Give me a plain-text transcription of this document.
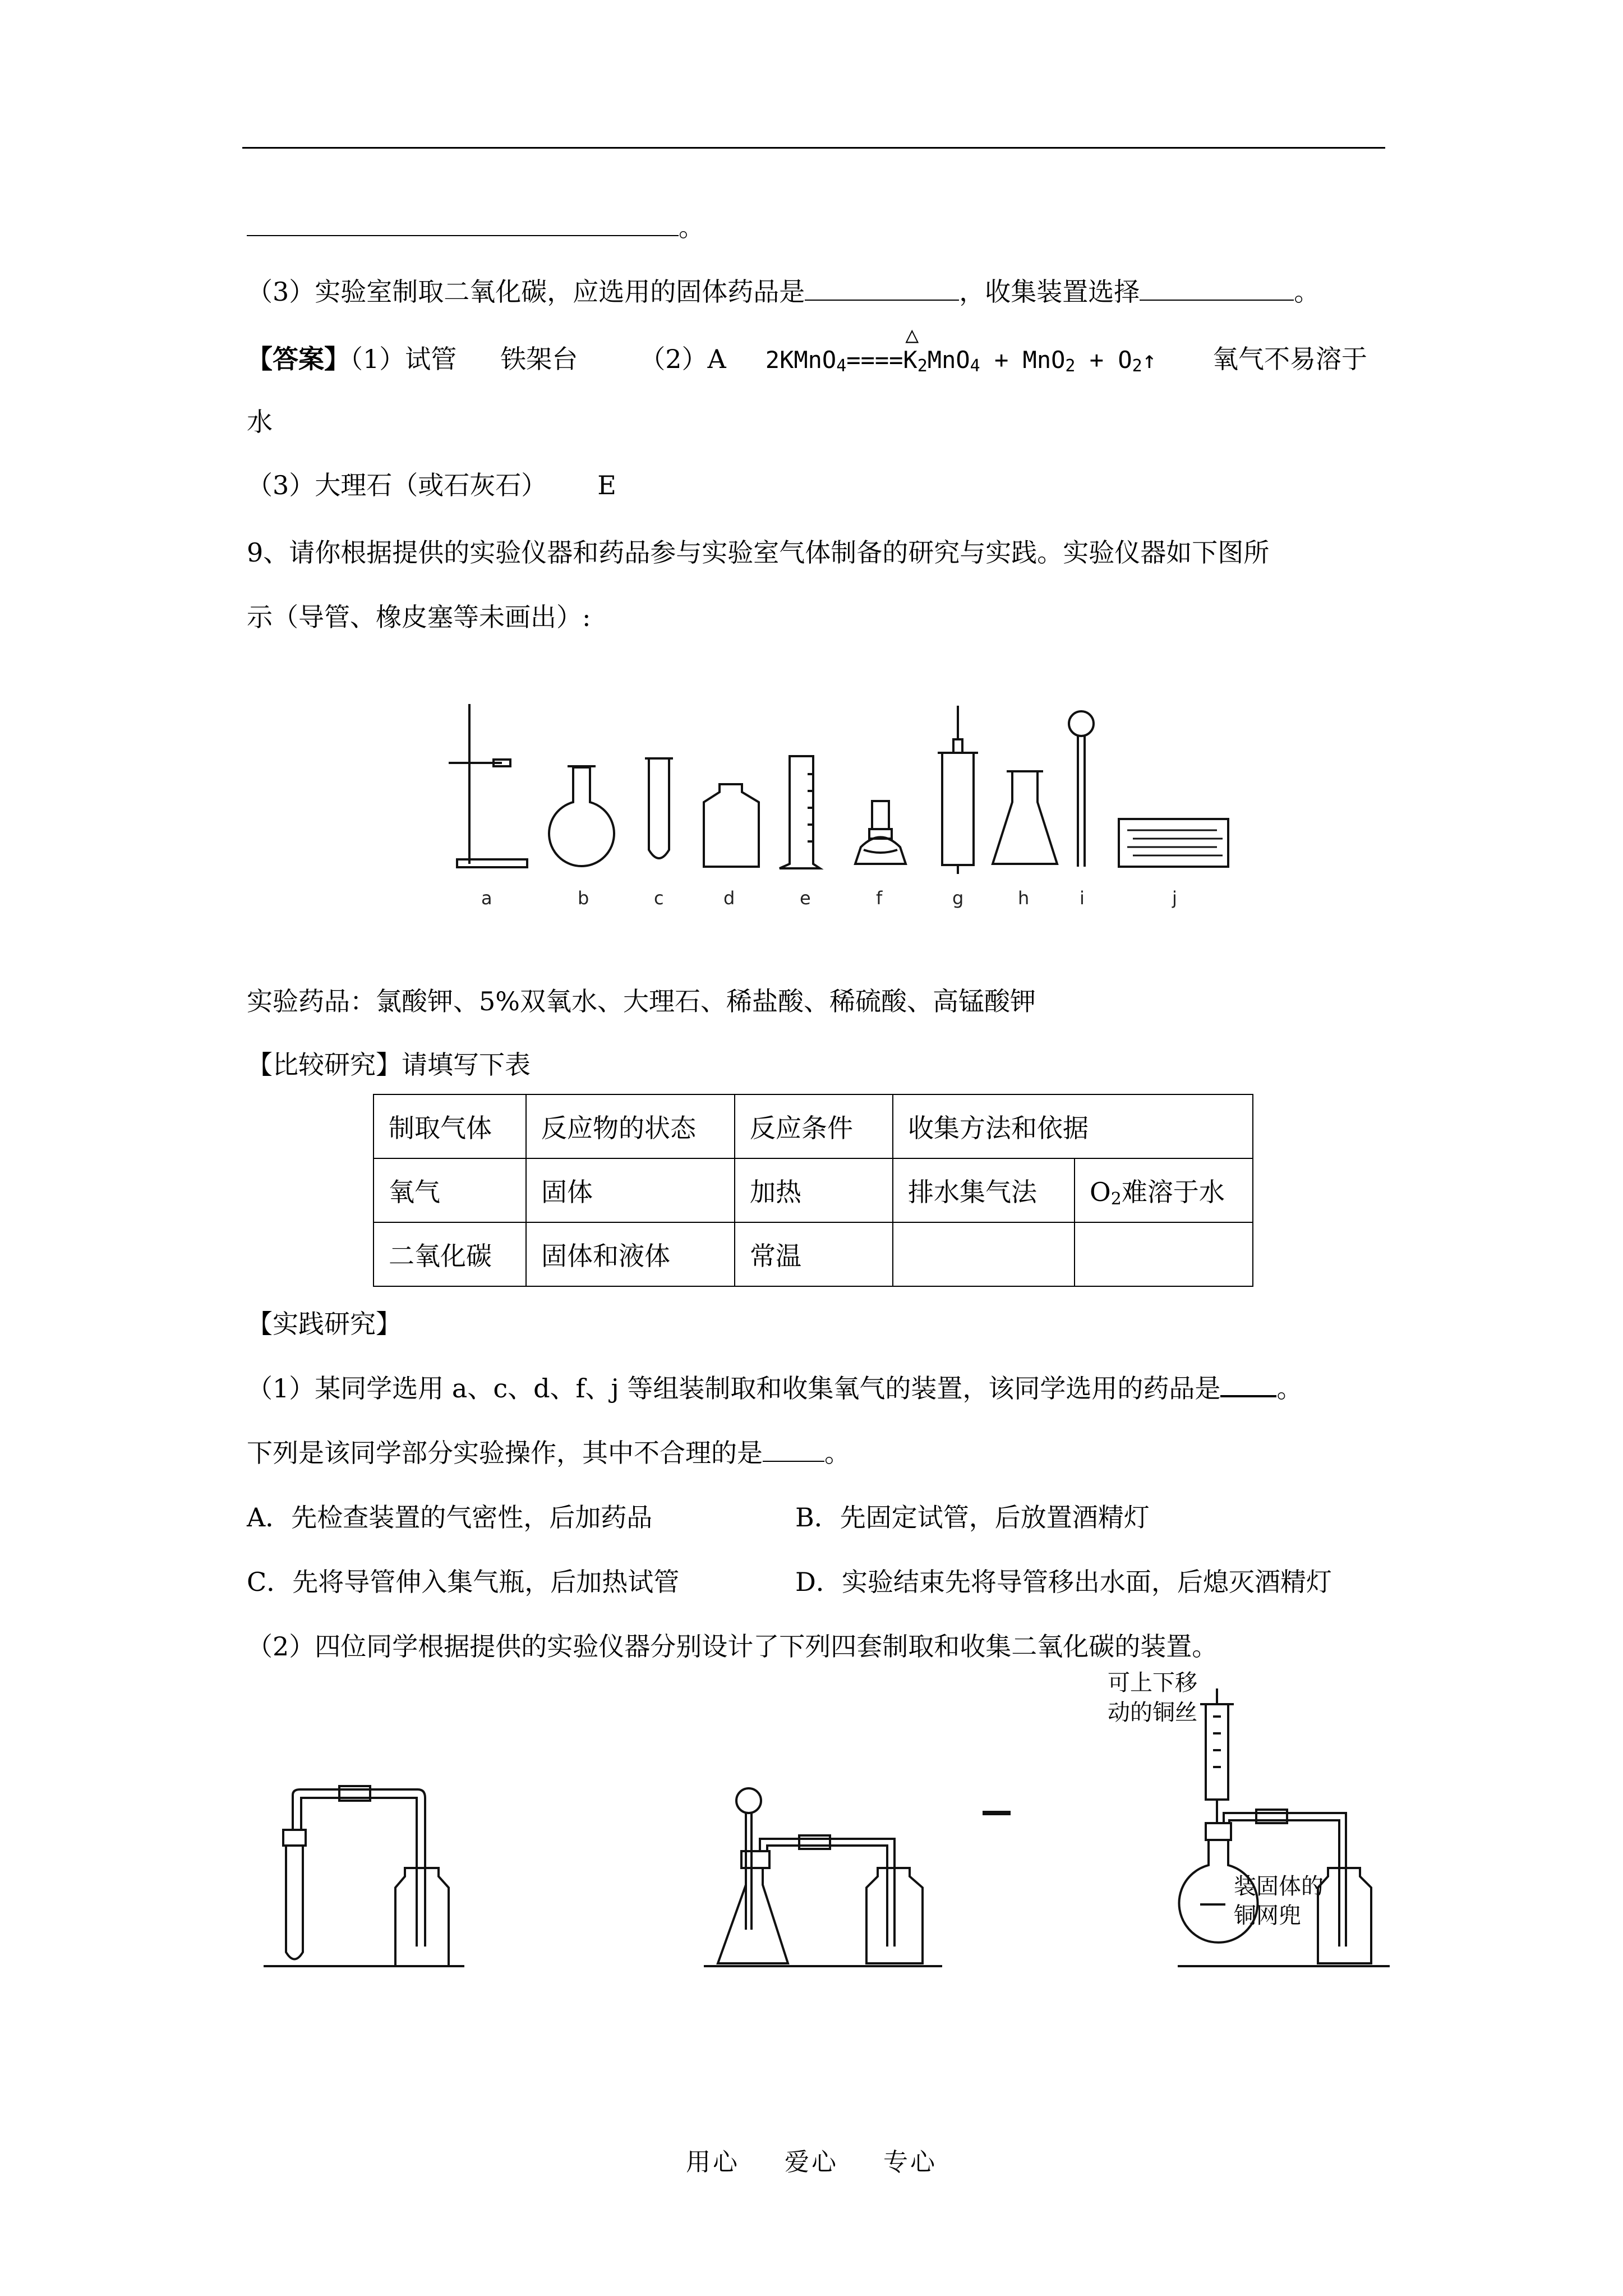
。
（3）实验室制取二氧化碳，应选用的固体药品是	，收集装置选择	。
【答案】（1）试管 铁架台 （2）A 2KMnO$_4$
△
$====K_2MnO_4 + MnO_2$ + $O_2↑$ 氧气不易溶于
水
（3）大理石（或石灰石） E
9、请你根据提供的实验仪器和药品参与实验室气体制备的研究与实践。实验仪器如下图所
示（导管、橡皮塞等未画出）:
a	b	c	d	e	f	g	h	i	j
实验药品：氯酸钾、5%双氧水、大理石、稀盐酸、稀硫酸、高锰酸钾
【比较研究】请填写下表
制取气体	反应物的状态	反应条件	收集方法和依据	
氧气	固体	加热	排水集气法	$O_2$难溶于水
二氧化碳	固体和液体	常温		
【实践研究】
（1）某同学选用 a、c、d、f、j 等组装制取和收集氧气的装置，该同学选用的药品是 。
下列是该同学部分实验操作，其中不合理的是 。
A．先检查装置的气密性，后加药品	B．先固定试管，后放置酒精灯
C．先将导管伸入集气瓶，后加热试管	D．实验结束先将导管移出水面，后熄灭酒精灯
（2）四位同学根据提供的实验仪器分别设计了下列四套制取和收集二氧化碳的装置。
可上下移
动的铜丝
装固体的
铜网兜
用心 爱心 专心
